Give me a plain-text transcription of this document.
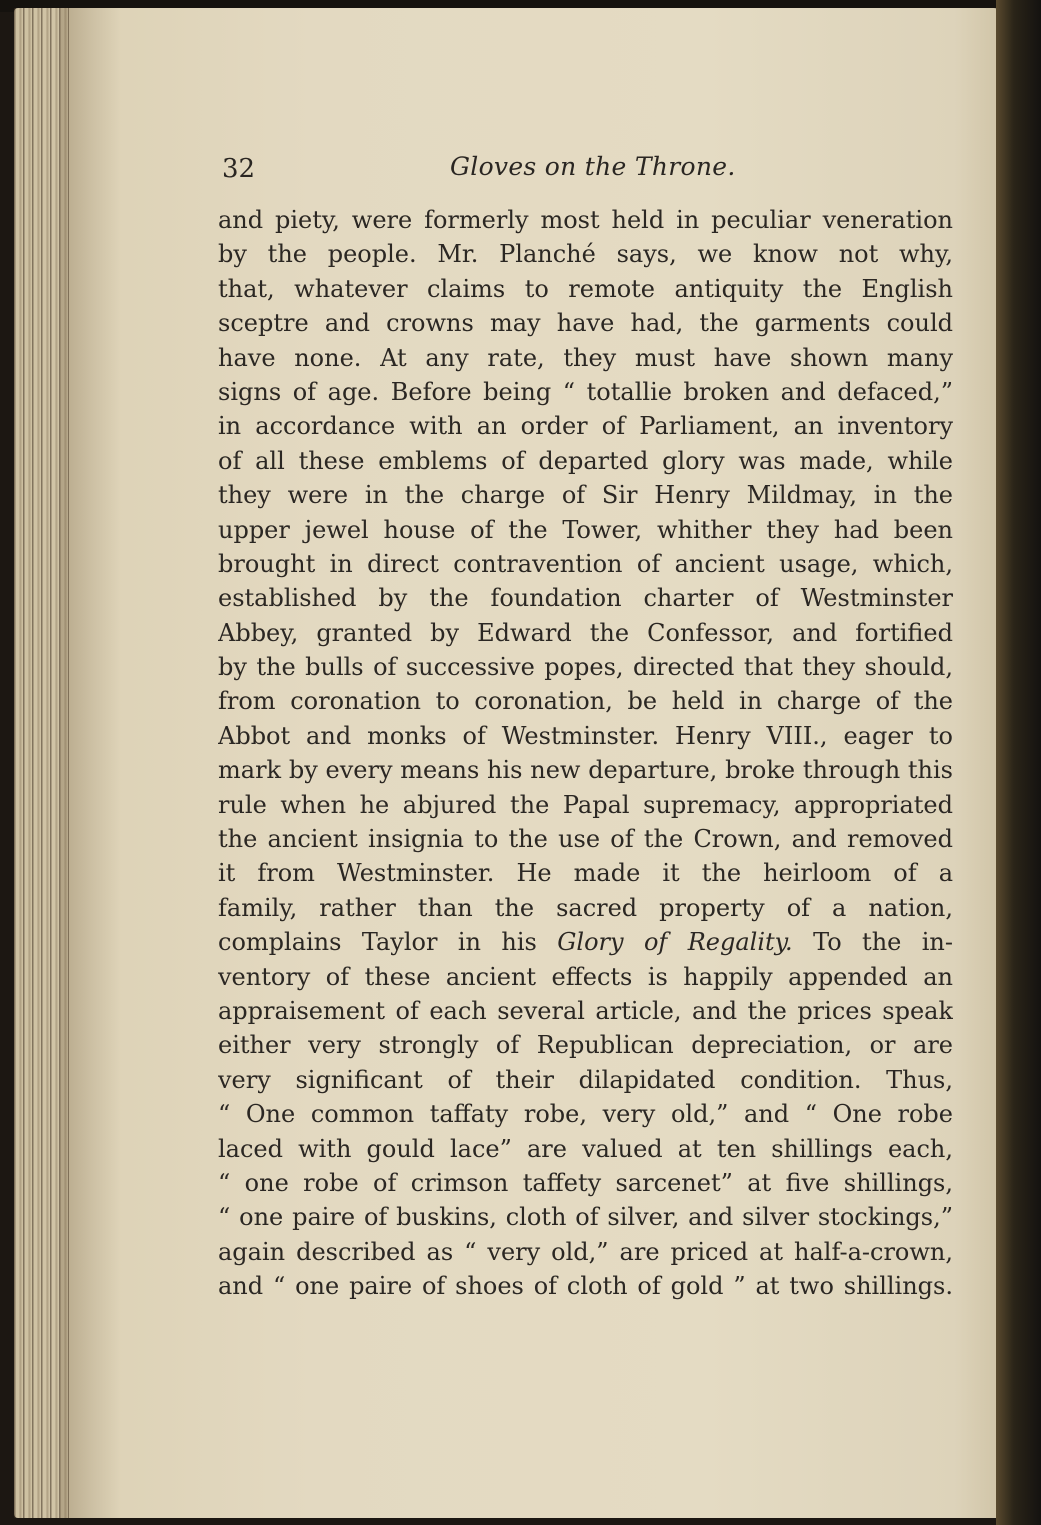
32	Gloves on the Throne.
and piety, were formerly most held in peculiar veneration
by the people. Mr. Planché says, we know not why,
that, whatever claims to remote antiquity the English
sceptre and crowns may have had, the garments could
have none. At any rate, they must have shown many
signs of age. Before being “ totallie broken and defaced,”
in accordance with an order of Parliament, an inventory
of all these emblems of departed glory was made, while
they were in the charge of Sir Henry Mildmay, in the
upper jewel house of the Tower, whither they had been
brought in direct contravention of ancient usage, which,
established by the foundation charter of Westminster
Abbey, granted by Edward the Confessor, and fortified
by the bulls of successive popes, directed that they should,
from coronation to coronation, be held in charge of the
Abbot and monks of Westminster. Henry VIII., eager to
mark by every means his new departure, broke through this
rule when he abjured the Papal supremacy, appropriated
the ancient insignia to the use of the Crown, and removed
it from Westminster. He made it the heirloom of a
family, rather than the sacred property of a nation,
complains Taylor in his Glory of Regality. To the in-
ventory of these ancient effects is happily appended an
appraisement of each several article, and the prices speak
either very strongly of Republican depreciation, or are
very significant of their dilapidated condition. Thus,
“ One common taffaty robe, very old,” and “ One robe
laced with gould lace” are valued at ten shillings each,
“ one robe of crimson taffety sarcenet” at five shillings,
“ one paire of buskins, cloth of silver, and silver stockings,”
again described as “ very old,” are priced at half-a-crown,
and “ one paire of shoes of cloth of gold ” at two shillings.
